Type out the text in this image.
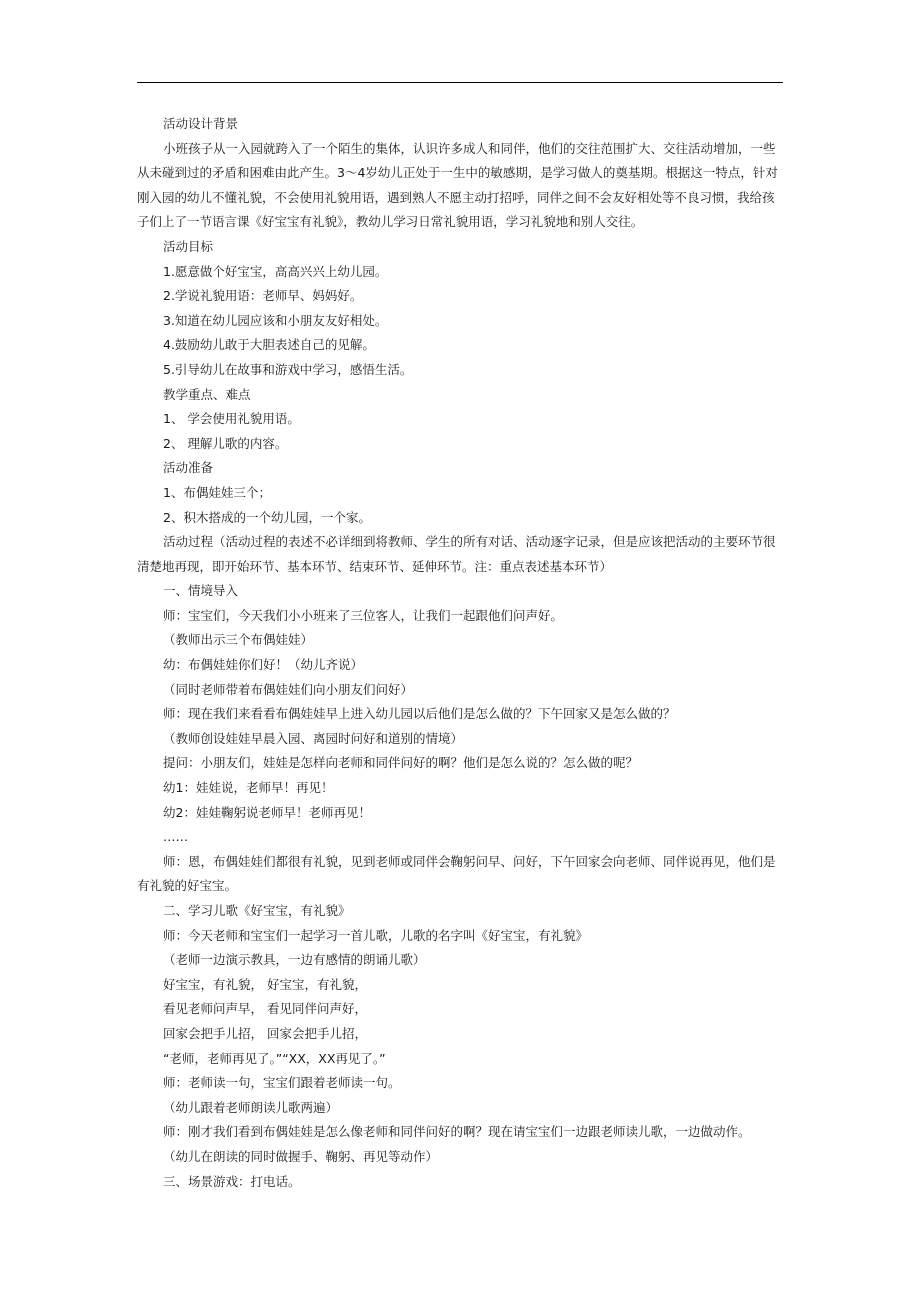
活动设计背景

小班孩子从一入园就跨入了一个陌生的集体，认识许多成人和同伴，他们的交往范围扩大、交往活动增加，一些从未碰到过的矛盾和困难由此产生。3～4岁幼儿正处于一生中的敏感期，是学习做人的奠基期。根据这一特点，针对刚入园的幼儿不懂礼貌，不会使用礼貌用语，遇到熟人不愿主动打招呼，同伴之间不会友好相处等不良习惯，我给孩子们上了一节语言课《好宝宝有礼貌》，教幼儿学习日常礼貌用语，学习礼貌地和别人交往。

活动目标

1.愿意做个好宝宝，高高兴兴上幼儿园。

2.学说礼貌用语：老师早、妈妈好。

3.知道在幼儿园应该和小朋友友好相处。

4.鼓励幼儿敢于大胆表述自己的见解。

5.引导幼儿在故事和游戏中学习，感悟生活。

教学重点、难点

1、 学会使用礼貌用语。

2、 理解儿歌的内容。

活动准备

1、布偶娃娃三个；

2、积木搭成的一个幼儿园，一个家。

活动过程（活动过程的表述不必详细到将教师、学生的所有对话、活动逐字记录，但是应该把活动的主要环节很清楚地再现，即开始环节、基本环节、结束环节、延伸环节。注：重点表述基本环节）

一、情境导入

师：宝宝们，今天我们小小班来了三位客人，让我们一起跟他们问声好。

（教师出示三个布偶娃娃）

幼：布偶娃娃你们好！（幼儿齐说）

（同时老师带着布偶娃娃们向小朋友们问好）

师：现在我们来看看布偶娃娃早上进入幼儿园以后他们是怎么做的？下午回家又是怎么做的？

（教师创设娃娃早晨入园、离园时问好和道别的情境）

提问：小朋友们，娃娃是怎样向老师和同伴问好的啊？他们是怎么说的？怎么做的呢？

幼1：娃娃说，老师早！再见！

幼2：娃娃鞠躬说老师早！老师再见！

……

师：恩，布偶娃娃们都很有礼貌，见到老师或同伴会鞠躬问早、问好，下午回家会向老师、同伴说再见，他们是有礼貌的好宝宝。

二、学习儿歌《好宝宝，有礼貌》

师：今天老师和宝宝们一起学习一首儿歌，儿歌的名字叫《好宝宝，有礼貌》

（老师一边演示教具，一边有感情的朗诵儿歌）

好宝宝，有礼貌， 好宝宝，有礼貌，

看见老师问声早， 看见同伴问声好，

回家会把手儿招， 回家会把手儿招，

“老师，老师再见了。”“XX，XX再见了。”

师：老师读一句，宝宝们跟着老师读一句。

（幼儿跟着老师朗读儿歌两遍）

师：刚才我们看到布偶娃娃是怎么像老师和同伴问好的啊？现在请宝宝们一边跟老师读儿歌，一边做动作。

（幼儿在朗读的同时做握手、鞠躬、再见等动作）

三、场景游戏：打电话。
